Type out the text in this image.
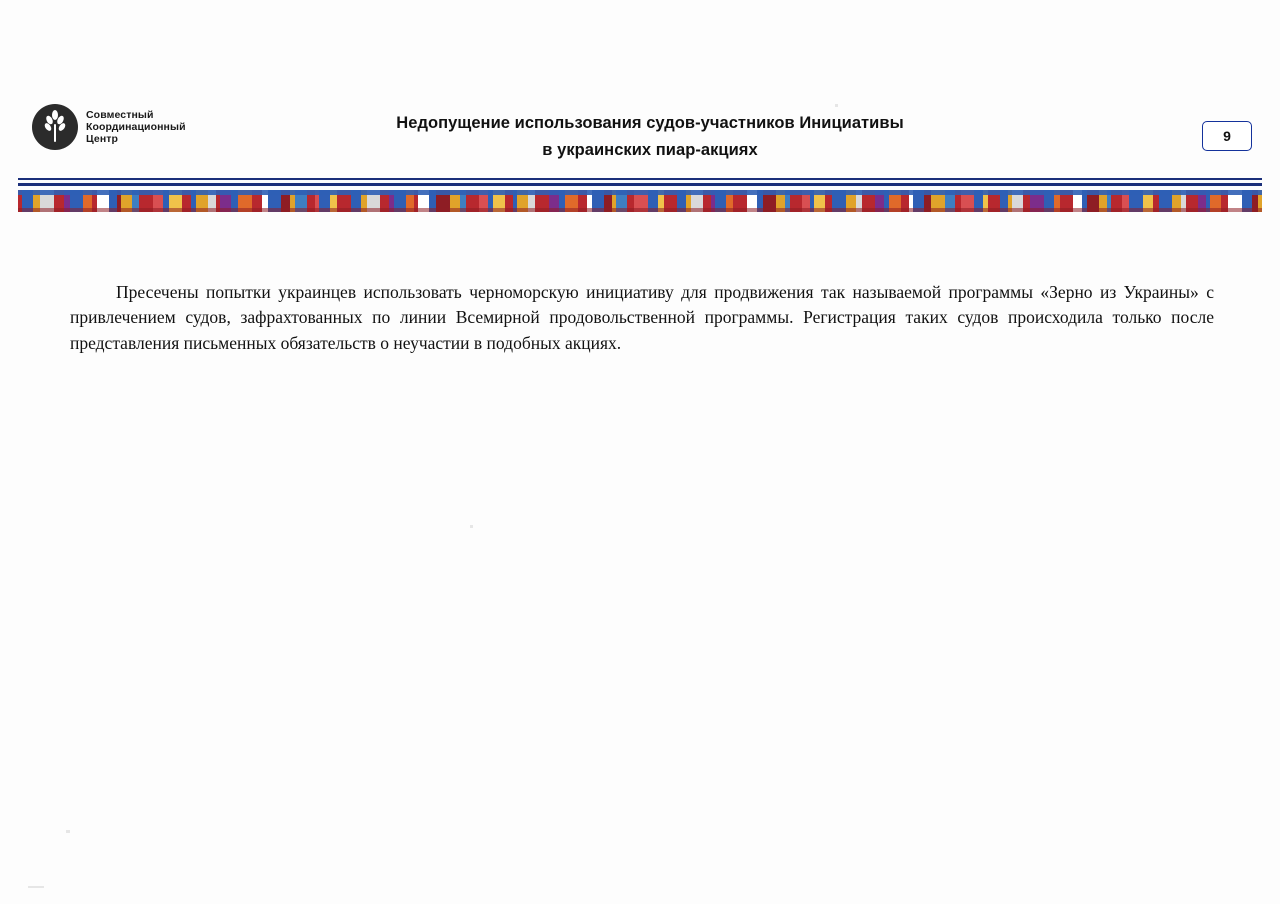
Совместный
Координационный
Центр
Недопущение использования судов-участников Инициативы
в украинских пиар-акциях
9

Пресечены попытки украинцев использовать черноморскую инициативу для продвижения так называемой программы «Зерно из Украины» с привлечением судов, зафрахтованных по линии Всемирной продовольственной программы. Регистрация таких судов происходила только после представления письменных обязательств о неучастии в подобных акциях.
